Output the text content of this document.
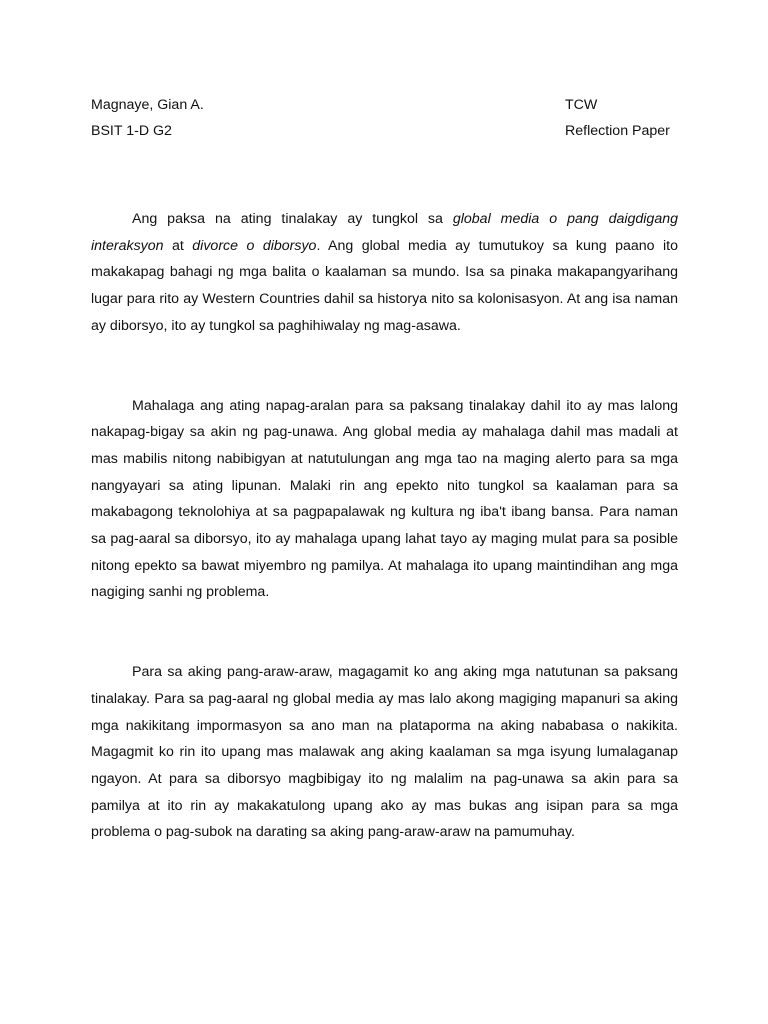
Magnaye, Gian A.	TCW
BSIT 1-D G2	Reflection Paper

Ang paksa na ating tinalakay ay tungkol sa global media o pang daigdigang interaksyon at divorce o diborsyo. Ang global media ay tumutukoy sa kung paano ito makakapag bahagi ng mga balita o kaalaman sa mundo. Isa sa pinaka makapangyarihang lugar para rito ay Western Countries dahil sa historya nito sa kolonisasyon. At ang isa naman ay diborsyo, ito ay tungkol sa paghihiwalay ng mag-asawa.

Mahalaga ang ating napag-aralan para sa paksang tinalakay dahil ito ay mas lalong nakapag-bigay sa akin ng pag-unawa. Ang global media ay mahalaga dahil mas madali at mas mabilis nitong nabibigyan at natutulungan ang mga tao na maging alerto para sa mga nangyayari sa ating lipunan. Malaki rin ang epekto nito tungkol sa kaalaman para sa makabagong teknolohiya at sa pagpapalawak ng kultura ng iba't ibang bansa. Para naman sa pag-aaral sa diborsyo, ito ay mahalaga upang lahat tayo ay maging mulat para sa posible nitong epekto sa bawat miyembro ng pamilya. At mahalaga ito upang maintindihan ang mga nagiging sanhi ng problema.

Para sa aking pang-araw-araw, magagamit ko ang aking mga natutunan sa paksang tinalakay. Para sa pag-aaral ng global media ay mas lalo akong magiging mapanuri sa aking mga nakikitang impormasyon sa ano man na plataporma na aking nababasa o nakikita. Magagmit ko rin ito upang mas malawak ang aking kaalaman sa mga isyung lumalaganap ngayon. At para sa diborsyo magbibigay ito ng malalim na pag-unawa sa akin para sa pamilya at ito rin ay makakatulong upang ako ay mas bukas ang isipan para sa mga problema o pag-subok na darating sa aking pang-araw-araw na pamumuhay.
